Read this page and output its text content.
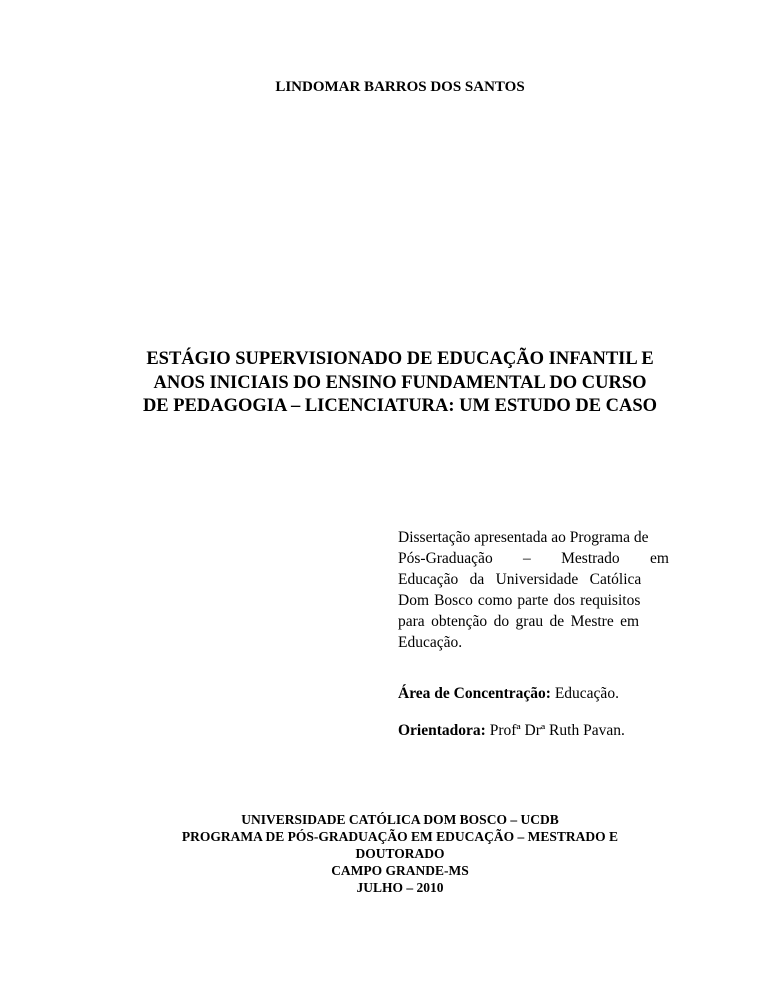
LINDOMAR BARROS DOS SANTOS
ESTÁGIO SUPERVISIONADO DE EDUCAÇÃO INFANTIL E
ANOS INICIAIS DO ENSINO FUNDAMENTAL DO CURSO
DE PEDAGOGIA – LICENCIATURA: UM ESTUDO DE CASO
Dissertação apresentada ao Programa de
Pós-Graduação – Mestrado em
Educação da Universidade Católica
Dom Bosco como parte dos requisitos
para obtenção do grau de Mestre em
Educação.
Área de Concentração: Educação.
Orientadora: Profª Drª Ruth Pavan.
UNIVERSIDADE CATÓLICA DOM BOSCO – UCDB
PROGRAMA DE PÓS-GRADUAÇÃO EM EDUCAÇÃO – MESTRADO E
DOUTORADO
CAMPO GRANDE-MS
JULHO – 2010
